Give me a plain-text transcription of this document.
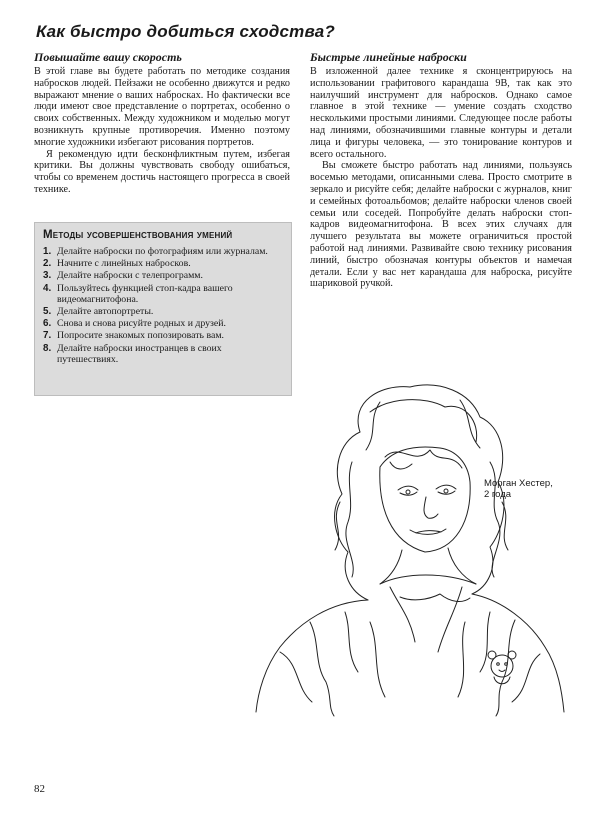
Как быстро добиться сходства?
Повышайте вашу скорость

В этой главе вы будете работать по методике создания набросков людей. Пейзажи не особенно движутся и редко выражают мнение о ваших набросках. Но фактически все люди имеют свое представление о портретах, особенно о своих собственных. Между художником и моделью могут возникнуть крупные противоречия. Именно поэтому многие художники избегают рисования портретов.

Я рекомендую идти бесконфликтным путем, избегая критики. Вы должны чувствовать свободу ошибаться, чтобы со временем достичь настоящего прогресса в своей технике.

Методы усовершенствования умений
1. Делайте наброски по фотографиям или журналам.
2. Начните с линейных набросков.
3. Делайте наброски с телепрограмм.
4. Пользуйтесь функцией стоп-кадра вашего видеомагнитофона.
5. Делайте автопортреты.
6. Снова и снова рисуйте родных и друзей.
7. Попросите знакомых попозировать вам.
8. Делайте наброски иностранцев в своих путешествиях.
Быстрые линейные наброски

В изложенной далее технике я сконцентрируюсь на использовании графитового карандаша 9В, так как это наилучший инструмент для набросков. Однако самое главное в этой технике — умение создать сходство несколькими простыми линиями. Следующее после работы над линиями, обозначившими главные контуры и детали лица и фигуры человека, — это тонирование контуров и всего остального.

Вы сможете быстро работать над линиями, пользуясь восемью методами, описанными слева. Просто смотрите в зеркало и рисуйте себя; делайте наброски с журналов, книг и семейных фотоальбомов; делайте наброски членов своей семьи или соседей. Попробуйте делать наброски стоп-кадров видеомагнитофона. В всех этих случаях для лучшего результата вы можете ограничиться простой работой над линиями. Развивайте свою технику рисования линий, быстро обозначая контуры объектов и намечая детали. Если у вас нет карандаша для наброска, рисуйте шариковой ручкой.

Морган Хестер,
2 года
82
